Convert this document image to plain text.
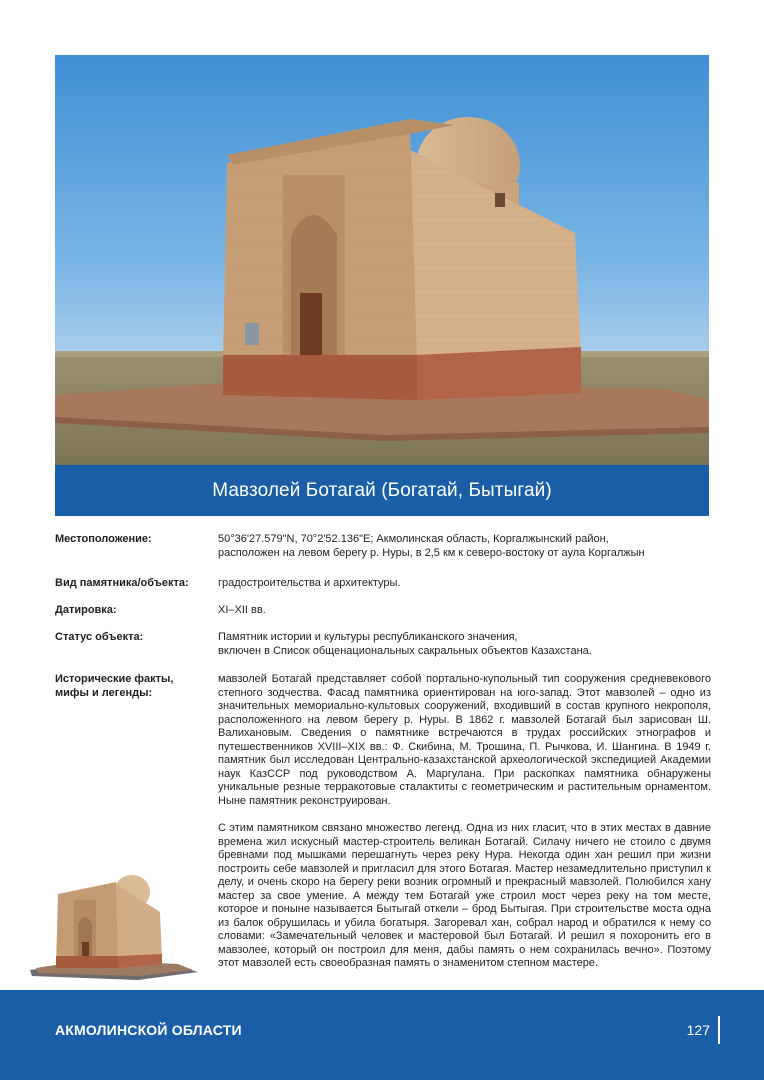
Мавзолей Ботагай (Богатай, Бытыгай)
Местоположение:	50°36'27.579"N, 70°2'52.136"E; Акмолинская область, Коргалжынский район,
расположен на левом берегу р. Нуры, в 2,5 км к северо-востоку от аула Коргалжын
Вид памятника/объекта:	градостроительства и архитектуры.
Датировка:	XI–XII вв.
Статус объекта:	Памятник истории и культуры республиканского значения,
включен в Список общенациональных сакральных объектов Казахстана.
Исторические факты,
мифы и легенды:

мавзолей Ботагай представляет собой портально-купольный тип сооружения средневекового степного зодчества. Фасад памятника ориентирован на юго-запад. Этот мавзолей – одно из значительных мемориально-культовых сооружений, входивший в состав крупного некрополя, расположенного на левом берегу р. Нуры. В 1862 г. мавзолей Ботагай был зарисован Ш. Валихановым. Сведения о памятнике встречаются в трудах российских этнографов и путешественников XVIII–XIX вв.: Ф. Скибина, М. Трошина, П. Рычкова, И. Шангина. В 1949 г. памятник был исследован Центрально-казахстанской археологической экспедицией Академии наук КазССР под руководством А. Маргулана. При раскопках памятника обнаружены уникальные резные терракотовые сталактиты с геометрическим и растительным орнаментом. Ныне памятник реконструирован.

С этим памятником связано множество легенд. Одна из них гласит, что в этих местах в давние времена жил искусный мастер-строитель великан Ботагай. Силачу ничего не стоило с двумя бревнами под мышками перешагнуть через реку Нура. Некогда один хан решил при жизни построить себе мавзолей и пригласил для этого Ботагая. Мастер незамедлительно приступил к делу, и очень скоро на берегу реки возник огромный и прекрасный мавзолей. Полюбился хану мастер за свое умение. А между тем Ботагай уже строил мост через реку на том месте, которое и поныне называется Бытыгай откели – брод Бытыгая. При строительстве моста одна из балок обрушилась и убила богатыря. Загоревал хан, собрал народ и обратился к нему со словами: «Замечательный человек и мастеровой был Ботагай. И решил я похоронить его в мавзолее, который он построил для меня, дабы память о нем сохранилась вечно». Поэтому этот мавзолей есть своеобразная память о знаменитом степном мастере.

АКМОЛИНСКОЙ ОБЛАСТИ	127
